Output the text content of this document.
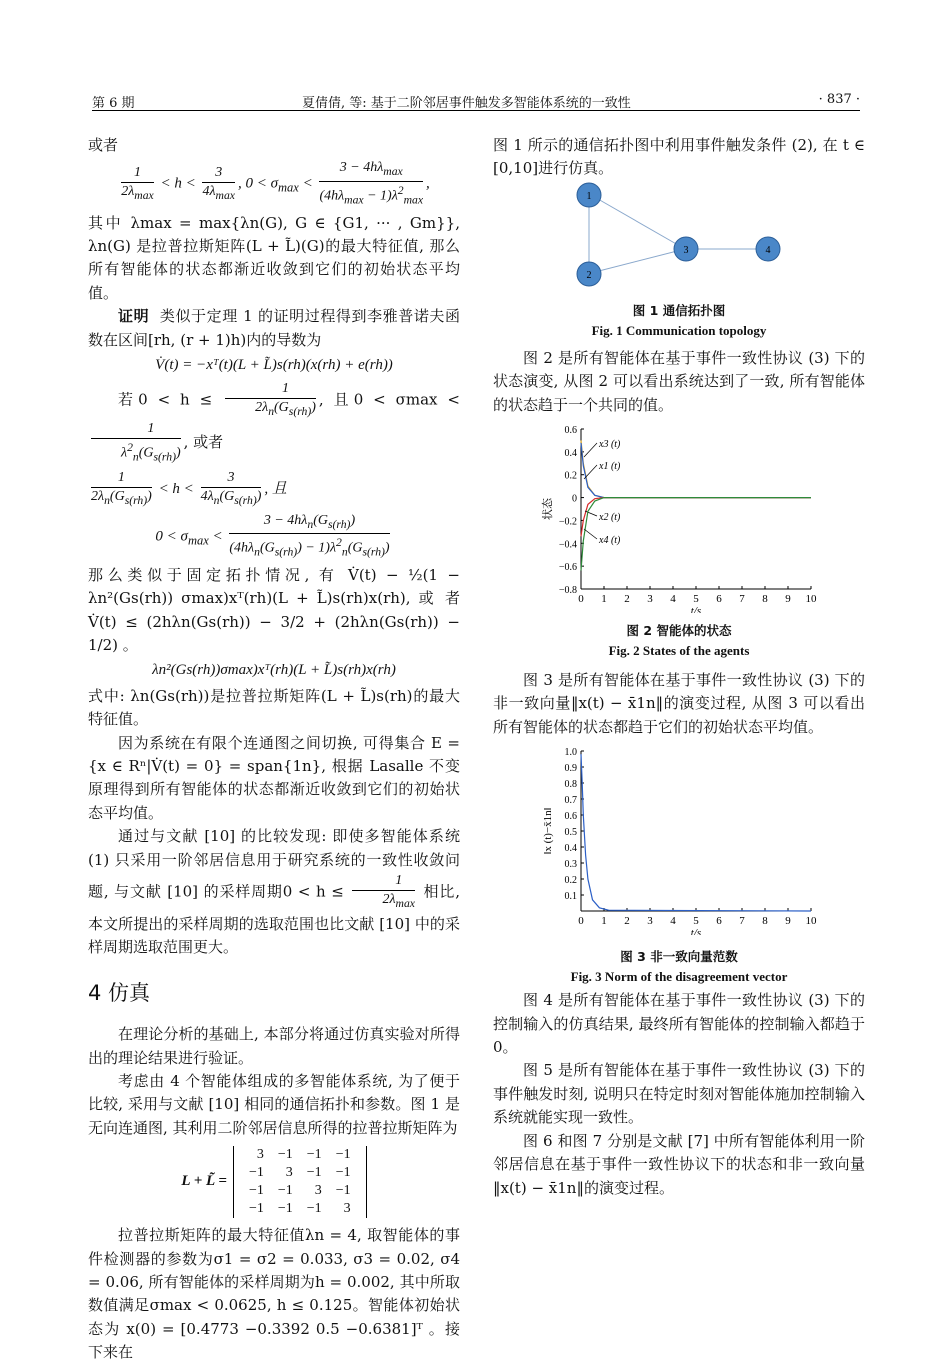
第 6 期	夏倩倩, 等: 基于二阶邻居事件触发多智能体系统的一致性	· 837 ·

或者

$\frac{1}{2\lambda_{max}} < h < \frac{3}{4\lambda_{max}}$ , $0 < \sigma_{max} < \frac{3 - 4h\lambda_{max}}{(4h\lambda_{max} - 1)\lambda^2_{max}}$ ,

其中 λmax = max{λn(G), G ∈ {G1, ··· , Gm}}, λn(G) 是拉普拉斯矩阵(L + L̃)(G)的最大特征值, 那么所有智能体的状态都渐近收敛到它们的初始状态平均值。

证明 类似于定理 1 的证明过程得到李雅普诺夫函数在区间[rh, (r + 1)h)内的导数为

V̇(t) = −xᵀ(t)(L + L̃)s(rh)(x(rh) + e(rh))

若$0 < h \le \frac{1}{2\lambda_n(G_{s(rh)})}$ , 且0 < σmax <
$\frac{1}{\lambda^2_n(G_{s(rh)})}$ , 或者

$\frac{1}{2\lambda_n(G_{s(rh)})} < h < \frac{3}{4\lambda_n(G_{s(rh)})}$ , 且
$0 < \sigma_{max} < \frac{3 - 4h\lambda_n(G_{s(rh)})}{(4h\lambda_n(G_{s(rh)}) - 1)\lambda^2_n(G_{s(rh)})}$

那么类似于固定拓扑情况, 有 V̇(t) − ½(1 − λn²(Gs(rh)) σmax)xᵀ(rh)(L + L̃)s(rh)x(rh), 或 者 V̇(t) ≤ (2hλn(Gs(rh)) − 3/2 + (2hλn(Gs(rh)) − 1/2) 。

λn²(Gs(rh))σmax)xᵀ(rh)(L + L̃)s(rh)x(rh)

式中: λn(Gs(rh))是拉普拉斯矩阵(L + L̃)s(rh)的最大特征值。

因为系统在有限个连通图之间切换, 可得集合 E = {x ∈ Rⁿ|V̇(t) = 0} = span{1n}, 根据 Lasalle 不变原理得到所有智能体的状态都渐近收敛到它们的初始状态平均值。

通过与文献 [10] 的比较发现: 即使多智能体系统 (1) 只采用一阶邻居信息用于研究系统的一致性收敛问题, 与文献 [10] 的采样周期$0 < h \le \frac{1}{2\lambda_{max}}$ 相比, 本文所提出的采样周期的选取范围也比文献 [10] 中的采样周期选取范围更大。

4 仿真

在理论分析的基础上, 本部分将通过仿真实验对所得出的理论结果进行验证。

考虑由 4 个智能体组成的多智能体系统, 为了便于比较, 采用与文献 [10] 相同的通信拓扑和参数。图 1 是无向连通图, 其利用二阶邻居信息所得的拉普拉斯矩阵为

L + L̃ =
3	−1	−1	−1
−1	3	−1	−1
−1	−1	3	−1
−1	−1	−1	3

拉普拉斯矩阵的最大特征值λn = 4, 取智能体的事件检测器的参数为σ1 = σ2 = 0.033, σ3 = 0.02, σ4 = 0.06, 所有智能体的采样周期为h = 0.002, 其中所取数值满足σmax < 0.0625, h ≤ 0.125。智能体初始状态为 x(0) = [0.4773 −0.3392 0.5 −0.6381]ᵀ 。接下来在

图 1 所示的通信拓扑图中利用事件触发条件 (2), 在 t ∈ [0,10]进行仿真。

1
2
3	4
图 1 通信拓扑图
Fig. 1 Communication topology

图 2 是所有智能体在基于事件一致性协议 (3) 下的状态演变, 从图 2 可以看出系统达到了一致, 所有智能体的状态趋于一个共同的值。

0 1 2 3 4 5 6 7 8 9 10
0.6
0.4
0.2
0
−0.2
−0.4
−0.6
−0.8
t/s
状态
x3 (t)
x1 (t)
x2 (t)
x4 (t)
图 2 智能体的状态
Fig. 2 States of the agents

图 3 是所有智能体在基于事件一致性协议 (3) 下的非一致向量‖x(t) − x̄1n‖的演变过程, 从图 3 可以看出所有智能体的状态都趋于它们的初始状态平均值。

0 1 2 3 4 5 6 7 8 9 10
1.0
0.9
0.8
0.7
0.6
0.5
0.4
0.3
0.2
0.1
t/s
‖x (t)−x̄1n‖
图 3 非一致向量范数
Fig. 3 Norm of the disagreement vector

图 4 是所有智能体在基于事件一致性协议 (3) 下的控制输入的仿真结果, 最终所有智能体的控制输入都趋于 0。

图 5 是所有智能体在基于事件一致性协议 (3) 下的事件触发时刻, 说明只在特定时刻对智能体施加控制输入系统就能实现一致性。

图 6 和图 7 分别是文献 [7] 中所有智能体利用一阶邻居信息在基于事件一致性协议下的状态和非一致向量‖x(t) − x̄1n‖的演变过程。
